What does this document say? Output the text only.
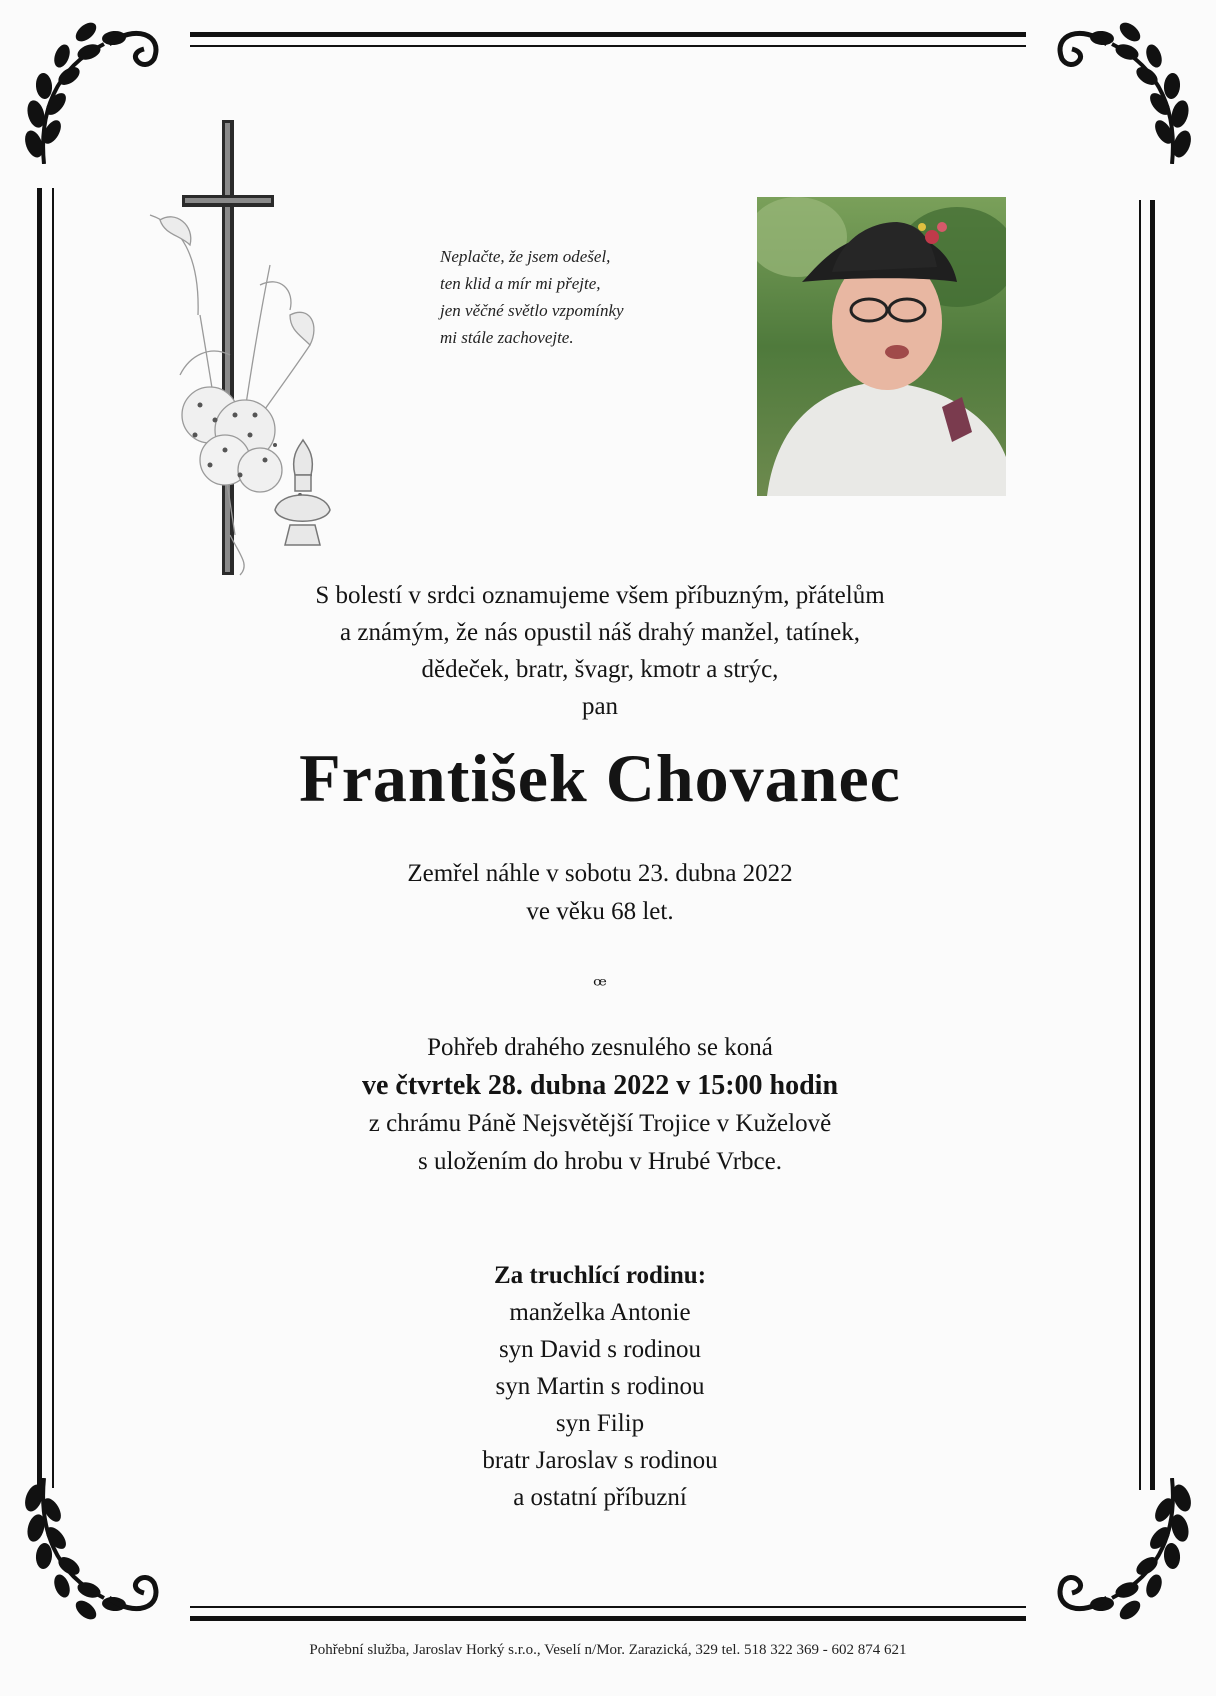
Neplačte, že jsem odešel,
ten klid a mír mi přejte,
jen věčné světlo vzpomínky
mi stále zachovejte.
S bolestí v srdci oznamujeme všem příbuzným, přátelům
a známým, že nás opustil náš drahý manžel, tatínek,
dědeček, bratr, švagr, kmotr a strýc,
pan
František Chovanec
Zemřel náhle v sobotu 23. dubna 2022
ve věku 68 let.
ꟹ
Pohřeb drahého zesnulého se koná
ve čtvrtek 28. dubna 2022 v 15:00 hodin
z chrámu Páně Nejsvětější Trojice v Kuželově
s uložením do hrobu v Hrubé Vrbce.
Za truchlící rodinu:
manželka Antonie
syn David s rodinou
syn Martin s rodinou
syn Filip
bratr Jaroslav s rodinou
a ostatní příbuzní
Pohřební služba, Jaroslav Horký s.r.o., Veselí n/Mor. Zarazická, 329 tel. 518 322 369 - 602 874 621
